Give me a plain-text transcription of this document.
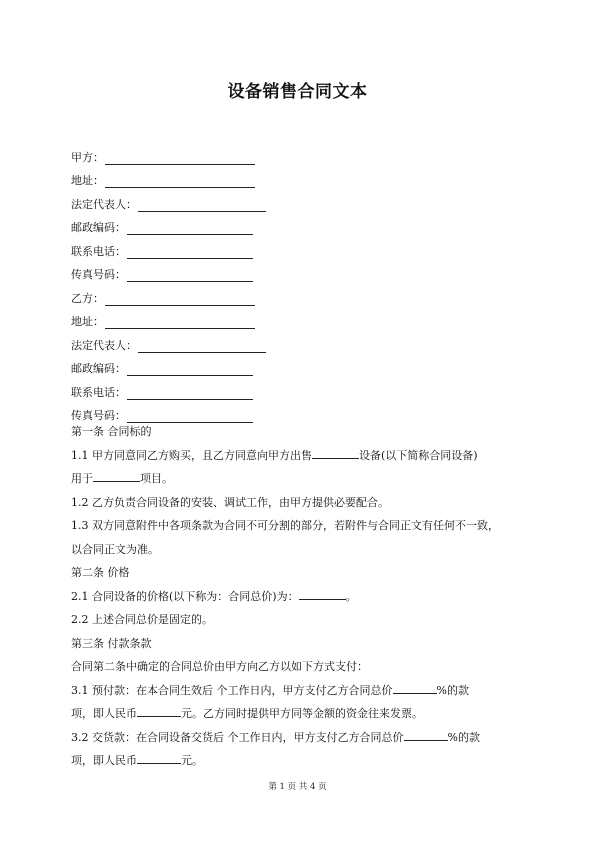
设备销售合同文本
甲方：
地址：
法定代表人：
邮政编码：
联系电话：
传真号码：
乙方：
地址：
法定代表人：
邮政编码：
联系电话：
传真号码：
第一条 合同标的
1.1 甲方同意同乙方购买，且乙方同意向甲方出售	设备(以下简称合同设备)
用于	项目。
1.2 乙方负责合同设备的安装、调试工作，由甲方提供必要配合。
1.3 双方同意附件中各项条款为合同不可分割的部分，若附件与合同正文有任何不一致，
以合同正文为准。
第二条 价格
2.1 合同设备的价格(以下称为：合同总价)为：	。
2.2 上述合同总价是固定的。
第三条 付款条款
合同第二条中确定的合同总价由甲方向乙方以如下方式支付：
3.1 预付款：在本合同生效后 个工作日内，甲方支付乙方合同总价	%的款
项，即人民币	元。乙方同时提供甲方同等金额的资金往来发票。
3.2 交货款：在合同设备交货后 个工作日内，甲方支付乙方合同总价	%的款
项，即人民币	元。
第 1 页 共 4 页
